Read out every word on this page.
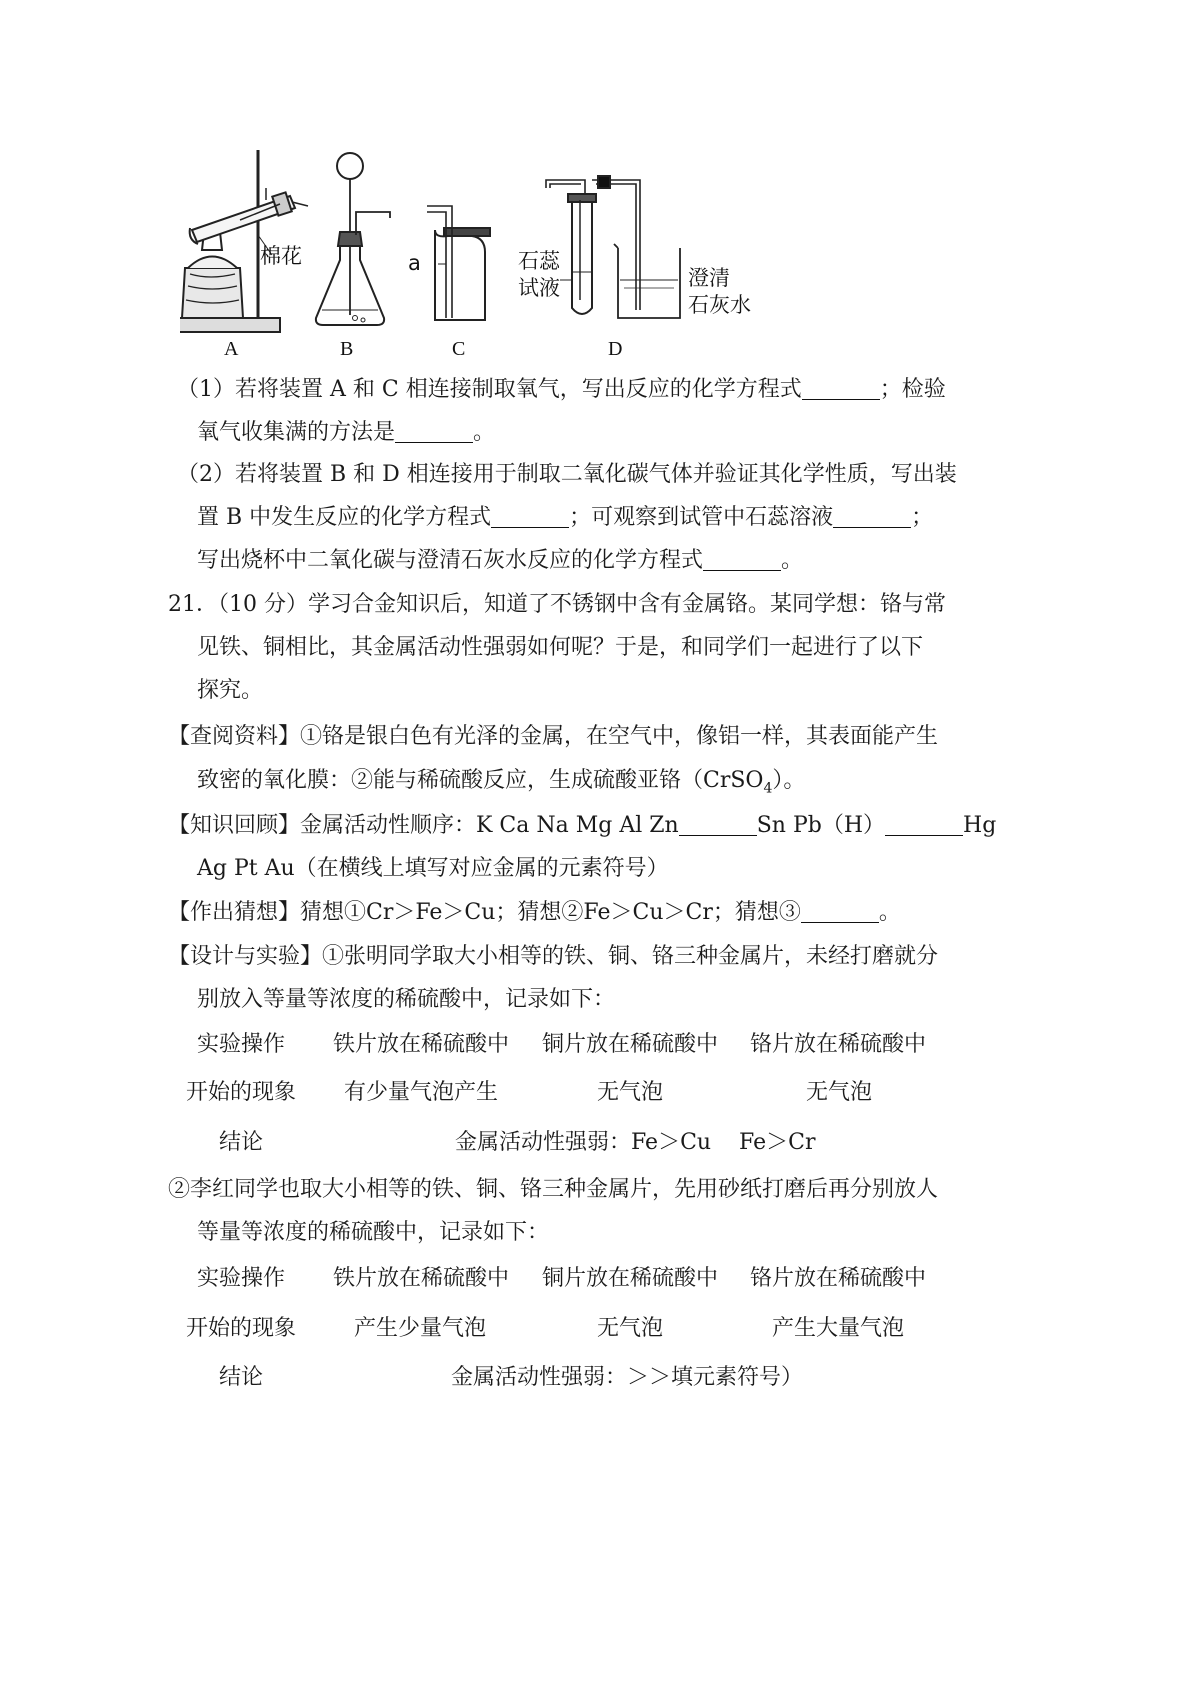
棉花
A	B
a
C
石蕊
试液	澄清
石灰水
D
（1）若将装置 A 和 C 相连接制取氧气，写出反应的化学方程式	；检验
氧气收集满的方法是	。
（2）若将装置 B 和 D 相连接用于制取二氧化碳气体并验证其化学性质，写出装
置 B 中发生反应的化学方程式	；可观察到试管中石蕊溶液	；
写出烧杯中二氧化碳与澄清石灰水反应的化学方程式	。
21．（10 分）学习合金知识后，知道了不锈钢中含有金属铬。某同学想：铬与常
见铁、铜相比，其金属活动性强弱如何呢？于是，和同学们一起进行了以下
探究。
【查阅资料】①铬是银白色有光泽的金属，在空气中，像铝一样，其表面能产生
致密的氧化膜：②能与稀硫酸反应，生成硫酸亚铬（CrSO$_4$）。
【知识回顾】金属活动性顺序：K Ca Na Mg Al Zn	Sn Pb（H）	Hg
Ag Pt Au（在横线上填写对应金属的元素符号）
【作出猜想】猜想①Cr＞Fe＞Cu；猜想②Fe＞Cu＞Cr；猜想③	。
【设计与实验】①张明同学取大小相等的铁、铜、铬三种金属片，未经打磨就分
别放入等量等浓度的稀硫酸中，记录如下：
实验操作 铁片放在稀硫酸中 铜片放在稀硫酸中 铬片放在稀硫酸中
开始的现象 有少量气泡产生	无气泡	无气泡
结论	金属活动性强弱：Fe＞Cu    Fe＞Cr
②李红同学也取大小相等的铁、铜、铬三种金属片，先用砂纸打磨后再分别放人
等量等浓度的稀硫酸中，记录如下：
实验操作 铁片放在稀硫酸中 铜片放在稀硫酸中 铬片放在稀硫酸中
开始的现象	产生少量气泡	无气泡	产生大量气泡
结论	金属活动性强弱：＞＞填元素符号）
